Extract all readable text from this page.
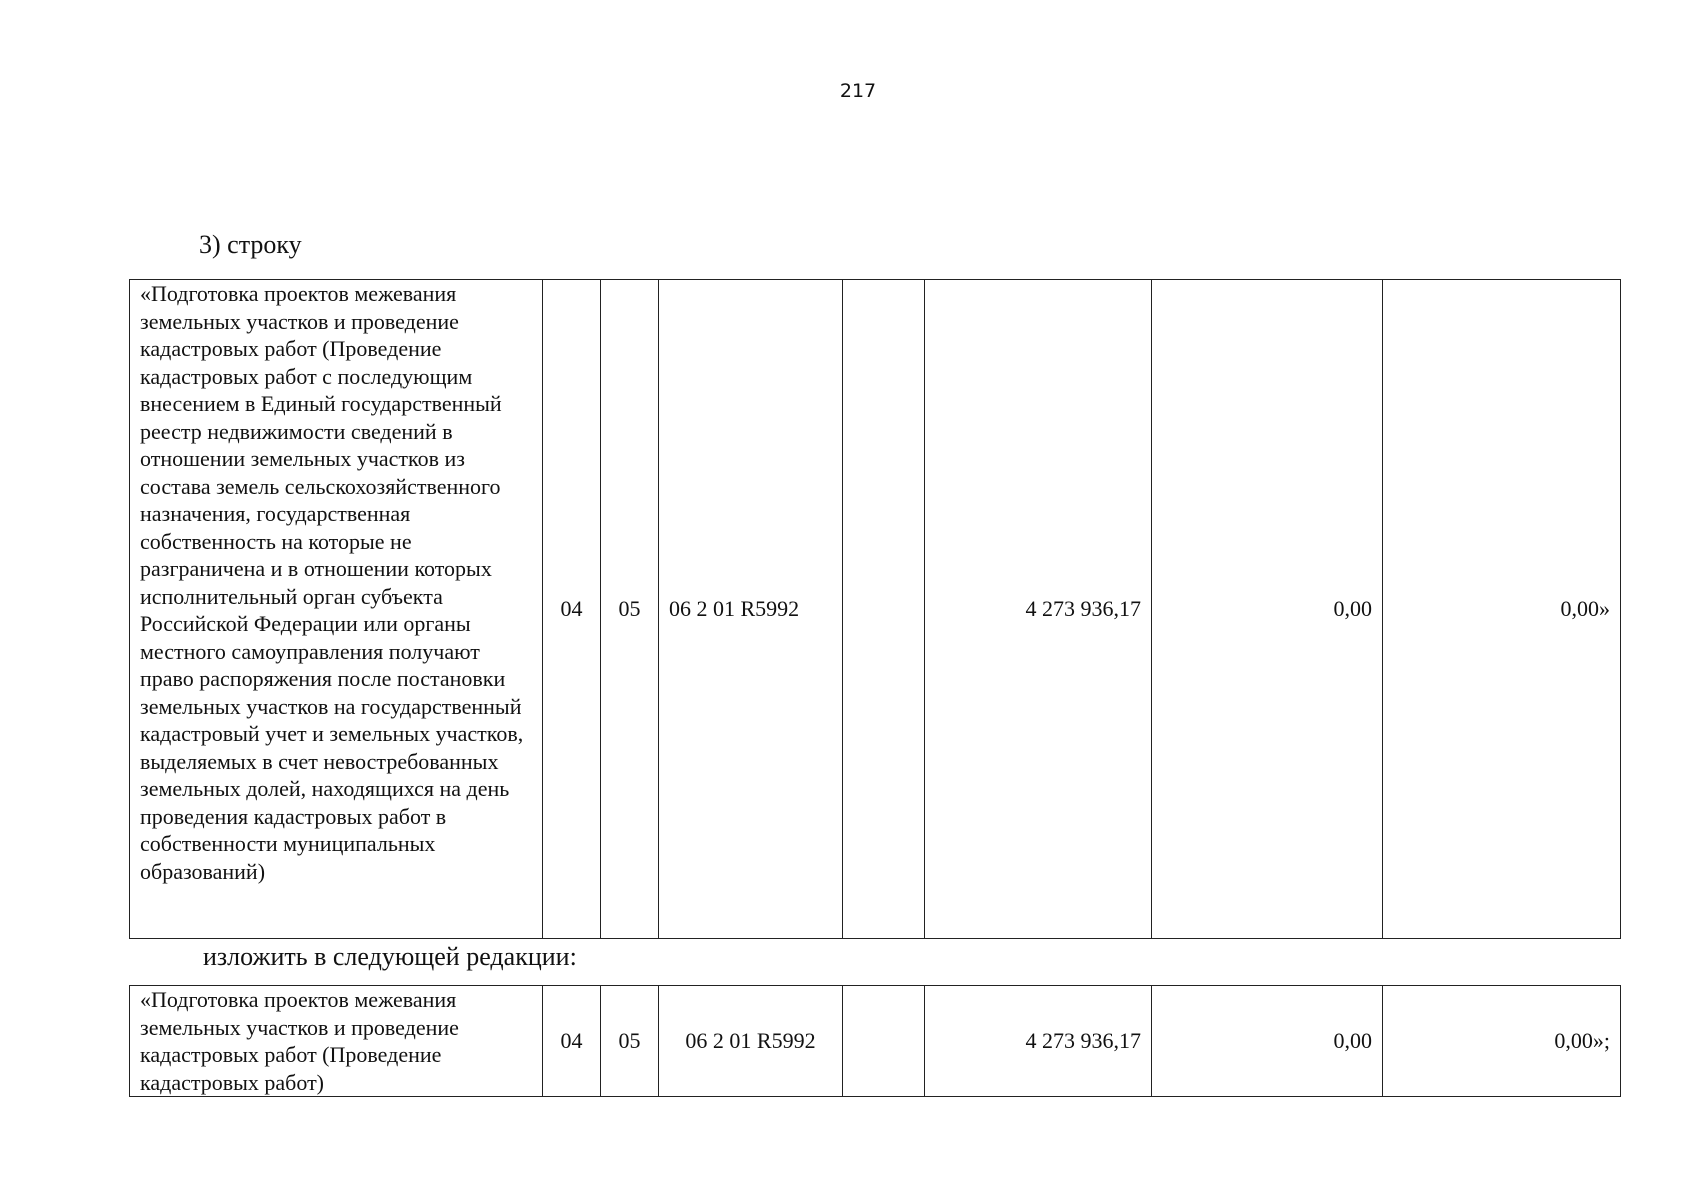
217
3) строку
«Подготовка проектов межевания земельных участков и проведение кадастровых работ (Проведение кадастровых работ с последующим внесением в Единый государственный реестр недвижимости сведений в отношении земельных участков из состава земель сельскохозяйственного назначения, государственная собственность на которые не разграничена и в отношении которых исполнительный орган субъекта Российской Федерации или органы местного самоуправления получают право распоряжения после постановки земельных участков на государственный кадастровый учет и земельных участков, выделяемых в счет невостребованных земельных долей, находящихся на день проведения кадастровых работ в собственности муниципальных образований)	04	05	06 2 01 R5992		4 273 936,17	0,00	0,00»
изложить в следующей редакции:
«Подготовка проектов межевания земельных участков и проведение кадастровых работ (Проведение кадастровых работ)	04	05	06 2 01 R5992		4 273 936,17	0,00	0,00»;
